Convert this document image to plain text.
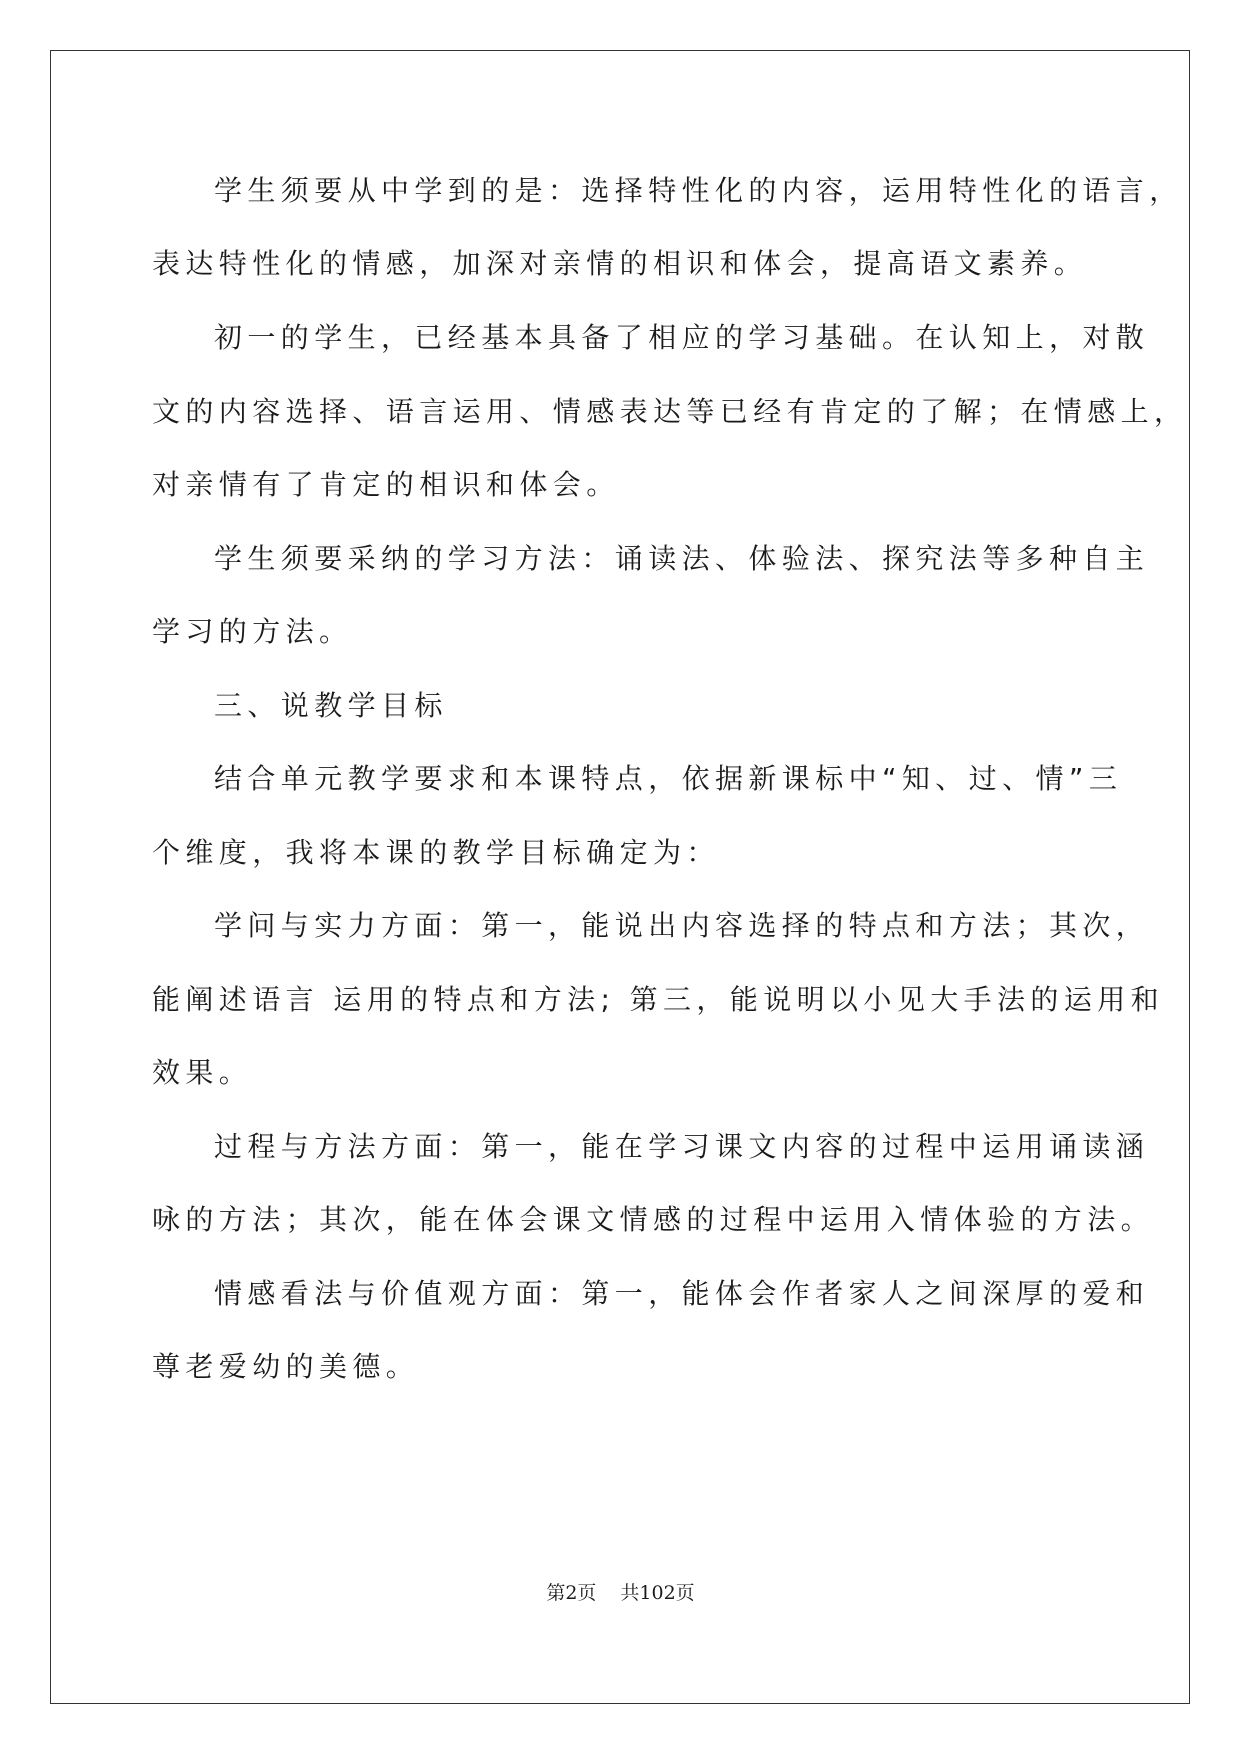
学生须要从中学到的是：选择特性化的内容，运用特性化的语言，
表达特性化的情感，加深对亲情的相识和体会，提高语文素养。
初一的学生，已经基本具备了相应的学习基础。在认知上，对散
文的内容选择、语言运用、情感表达等已经有肯定的了解；在情感上，
对亲情有了肯定的相识和体会。
学生须要采纳的学习方法：诵读法、体验法、探究法等多种自主
学习的方法。
三、说教学目标
结合单元教学要求和本课特点，依据新课标中“知、过、情”三
个维度，我将本课的教学目标确定为：
学问与实力方面：第一，能说出内容选择的特点和方法；其次，
能阐述语言 运用的特点和方法; 第三，能说明以小见大手法的运用和
效果。
过程与方法方面：第一，能在学习课文内容的过程中运用诵读涵
咏的方法；其次，能在体会课文情感的过程中运用入情体验的方法。
情感看法与价值观方面：第一，能体会作者家人之间深厚的爱和
尊老爱幼的美德。
第2页 共102页
